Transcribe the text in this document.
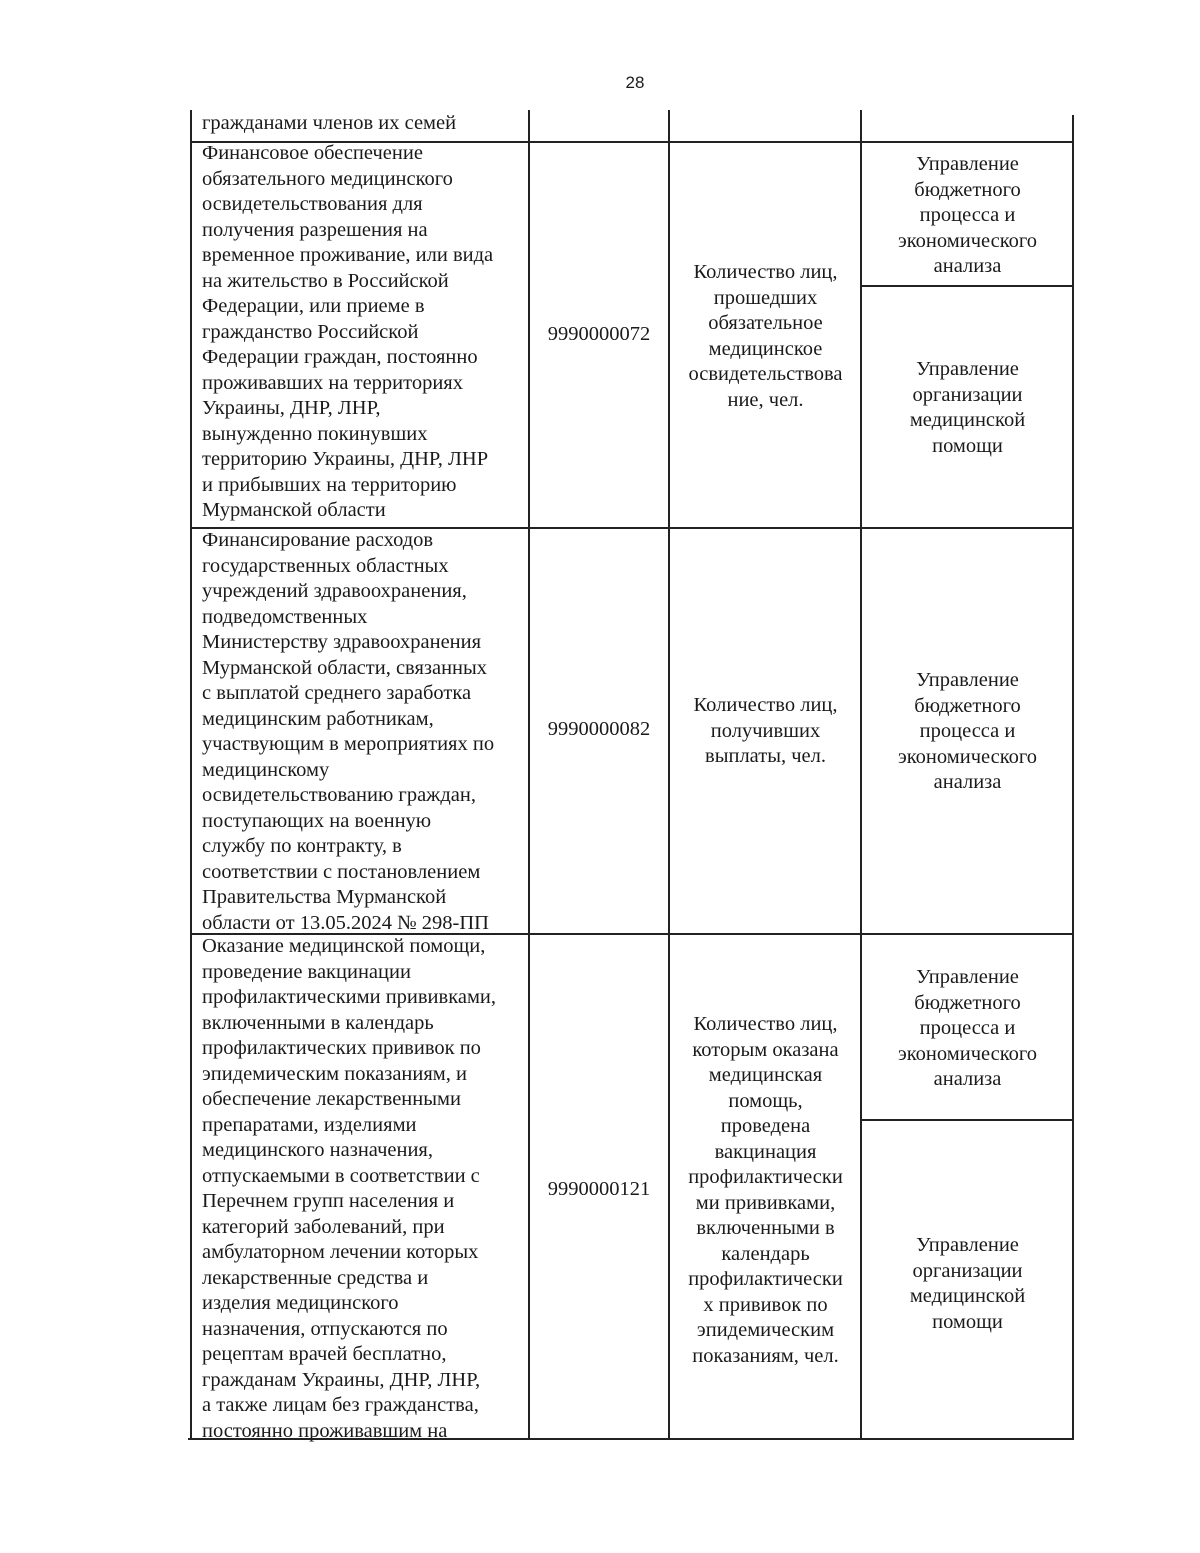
28
гражданами членов их семей
Финансовое обеспечение
обязательного медицинского
освидетельствования для
получения разрешения на
временное проживание, или вида
на жительство в Российской
Федерации, или приеме в
гражданство Российской
Федерации граждан, постоянно
проживавших на территориях
Украины, ДНР, ЛНР,
вынужденно покинувших
территорию Украины, ДНР, ЛНР
и прибывших на территорию
Мурманской области
9990000072
Количество лиц,
прошедших
обязательное
медицинское
освидетельствова
ние, чел.
Управление
бюджетного
процесса и
экономического
анализа
Управление
организации
медицинской
помощи
Финансирование расходов
государственных областных
учреждений здравоохранения,
подведомственных
Министерству здравоохранения
Мурманской области, связанных
с выплатой среднего заработка
медицинским работникам,
участвующим в мероприятиях по
медицинскому
освидетельствованию граждан,
поступающих на военную
службу по контракту, в
соответствии с постановлением
Правительства Мурманской
области от 13.05.2024 № 298-ПП
9990000082
Количество лиц,
получивших
выплаты, чел.
Управление
бюджетного
процесса и
экономического
анализа
Оказание медицинской помощи,
проведение вакцинации
профилактическими прививками,
включенными в календарь
профилактических прививок по
эпидемическим показаниям, и
обеспечение лекарственными
препаратами, изделиями
медицинского назначения,
отпускаемыми в соответствии с
Перечнем групп населения и
категорий заболеваний, при
амбулаторном лечении которых
лекарственные средства и
изделия медицинского
назначения, отпускаются по
рецептам врачей бесплатно,
гражданам Украины, ДНР, ЛНР,
а также лицам без гражданства,
постоянно проживавшим на
9990000121
Количество лиц,
которым оказана
медицинская
помощь,
проведена
вакцинация
профилактически
ми прививками,
включенными в
календарь
профилактически
х прививок по
эпидемическим
показаниям, чел.
Управление
бюджетного
процесса и
экономического
анализа
Управление
организации
медицинской
помощи
